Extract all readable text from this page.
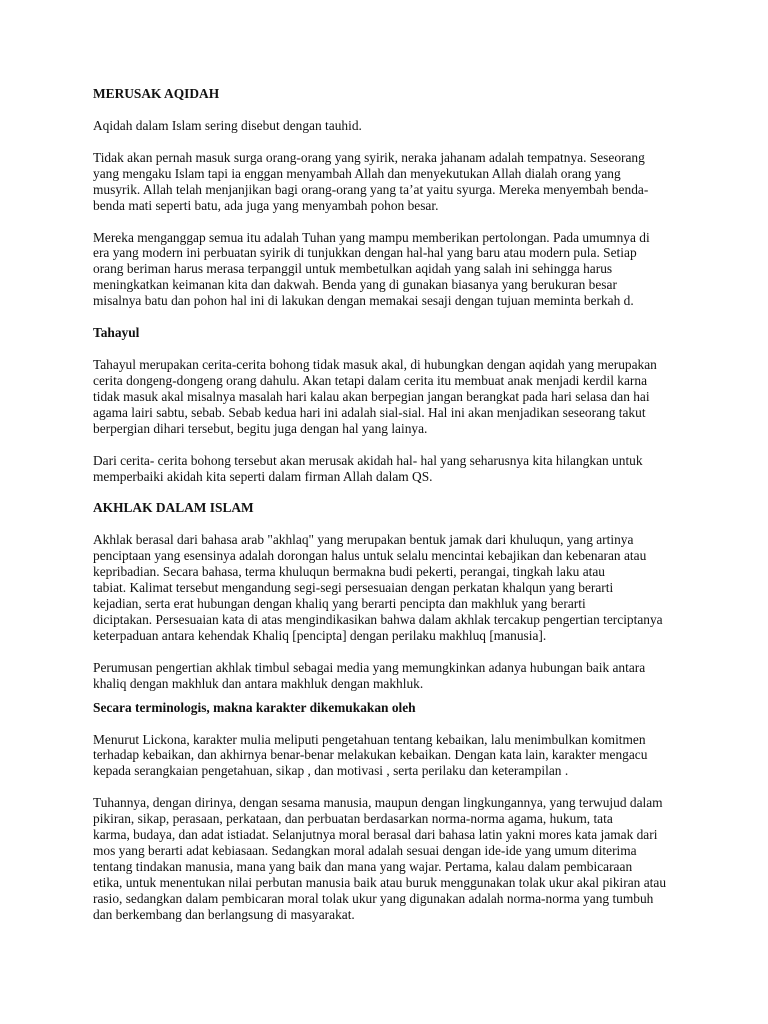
MERUSAK AQIDAH
Aqidah dalam Islam sering disebut dengan tauhid.
Tidak akan pernah masuk surga orang-orang yang syirik, neraka jahanam adalah tempatnya. Seseorang
yang mengaku Islam tapi ia enggan menyambah Allah dan menyekutukan Allah dialah orang yang
musyrik. Allah telah menjanjikan bagi orang-orang yang ta’at yaitu syurga. Mereka menyembah benda-
benda mati seperti batu, ada juga yang menyambah pohon besar.
Mereka menganggap semua itu adalah Tuhan yang mampu memberikan pertolongan. Pada umumnya di
era yang modern ini perbuatan syirik di tunjukkan dengan hal-hal yang baru atau modern pula. Setiap
orang beriman harus merasa terpanggil untuk membetulkan aqidah yang salah ini sehingga harus
meningkatkan keimanan kita dan dakwah. Benda yang di gunakan biasanya yang berukuran besar
misalnya batu dan pohon hal ini di lakukan dengan memakai sesaji dengan tujuan meminta berkah d.
Tahayul
Tahayul merupakan cerita-cerita bohong tidak masuk akal, di hubungkan dengan aqidah yang merupakan
cerita dongeng-dongeng orang dahulu. Akan tetapi dalam cerita itu membuat anak menjadi kerdil karna
tidak masuk akal misalnya masalah hari kalau akan berpegian jangan berangkat pada hari selasa dan hai
agama lairi sabtu, sebab. Sebab kedua hari ini adalah sial-sial. Hal ini akan menjadikan seseorang takut
berpergian dihari tersebut, begitu juga dengan hal yang lainya.
Dari cerita- cerita bohong tersebut akan merusak akidah hal- hal yang seharusnya kita hilangkan untuk
memperbaiki akidah kita seperti dalam firman Allah dalam QS.
AKHLAK DALAM ISLAM
Akhlak berasal dari bahasa arab "akhlaq" yang merupakan bentuk jamak dari khuluqun, yang artinya
penciptaan yang esensinya adalah dorongan halus untuk selalu mencintai kebajikan dan kebenaran atau
kepribadian. Secara bahasa, terma khuluqun bermakna budi pekerti, perangai, tingkah laku atau
tabiat. Kalimat tersebut mengandung segi-segi persesuaian dengan perkatan khalqun yang berarti
kejadian, serta erat hubungan dengan khaliq yang berarti pencipta dan makhluk yang berarti
diciptakan. Persesuaian kata di atas mengindikasikan bahwa dalam akhlak tercakup pengertian terciptanya
keterpaduan antara kehendak Khaliq [pencipta] dengan perilaku makhluq [manusia].
Perumusan pengertian akhlak timbul sebagai media yang memungkinkan adanya hubungan baik antara
khaliq dengan makhluk dan antara makhluk dengan makhluk.
Secara terminologis, makna karakter dikemukakan oleh
Menurut Lickona, karakter mulia meliputi pengetahuan tentang kebaikan, lalu menimbulkan komitmen
terhadap kebaikan, dan akhirnya benar-benar melakukan kebaikan. Dengan kata lain, karakter mengacu
kepada serangkaian pengetahuan, sikap , dan motivasi , serta perilaku dan keterampilan .
Tuhannya, dengan dirinya, dengan sesama manusia, maupun dengan lingkungannya, yang terwujud dalam
pikiran, sikap, perasaan, perkataan, dan perbuatan berdasarkan norma-norma agama, hukum, tata
karma, budaya, dan adat istiadat. Selanjutnya moral berasal dari bahasa latin yakni mores kata jamak dari
mos yang berarti adat kebiasaan. Sedangkan moral adalah sesuai dengan ide-ide yang umum diterima
tentang tindakan manusia, mana yang baik dan mana yang wajar. Pertama, kalau dalam pembicaraan
etika, untuk menentukan nilai perbutan manusia baik atau buruk menggunakan tolak ukur akal pikiran atau
rasio, sedangkan dalam pembicaran moral tolak ukur yang digunakan adalah norma-norma yang tumbuh
dan berkembang dan berlangsung di masyarakat.
